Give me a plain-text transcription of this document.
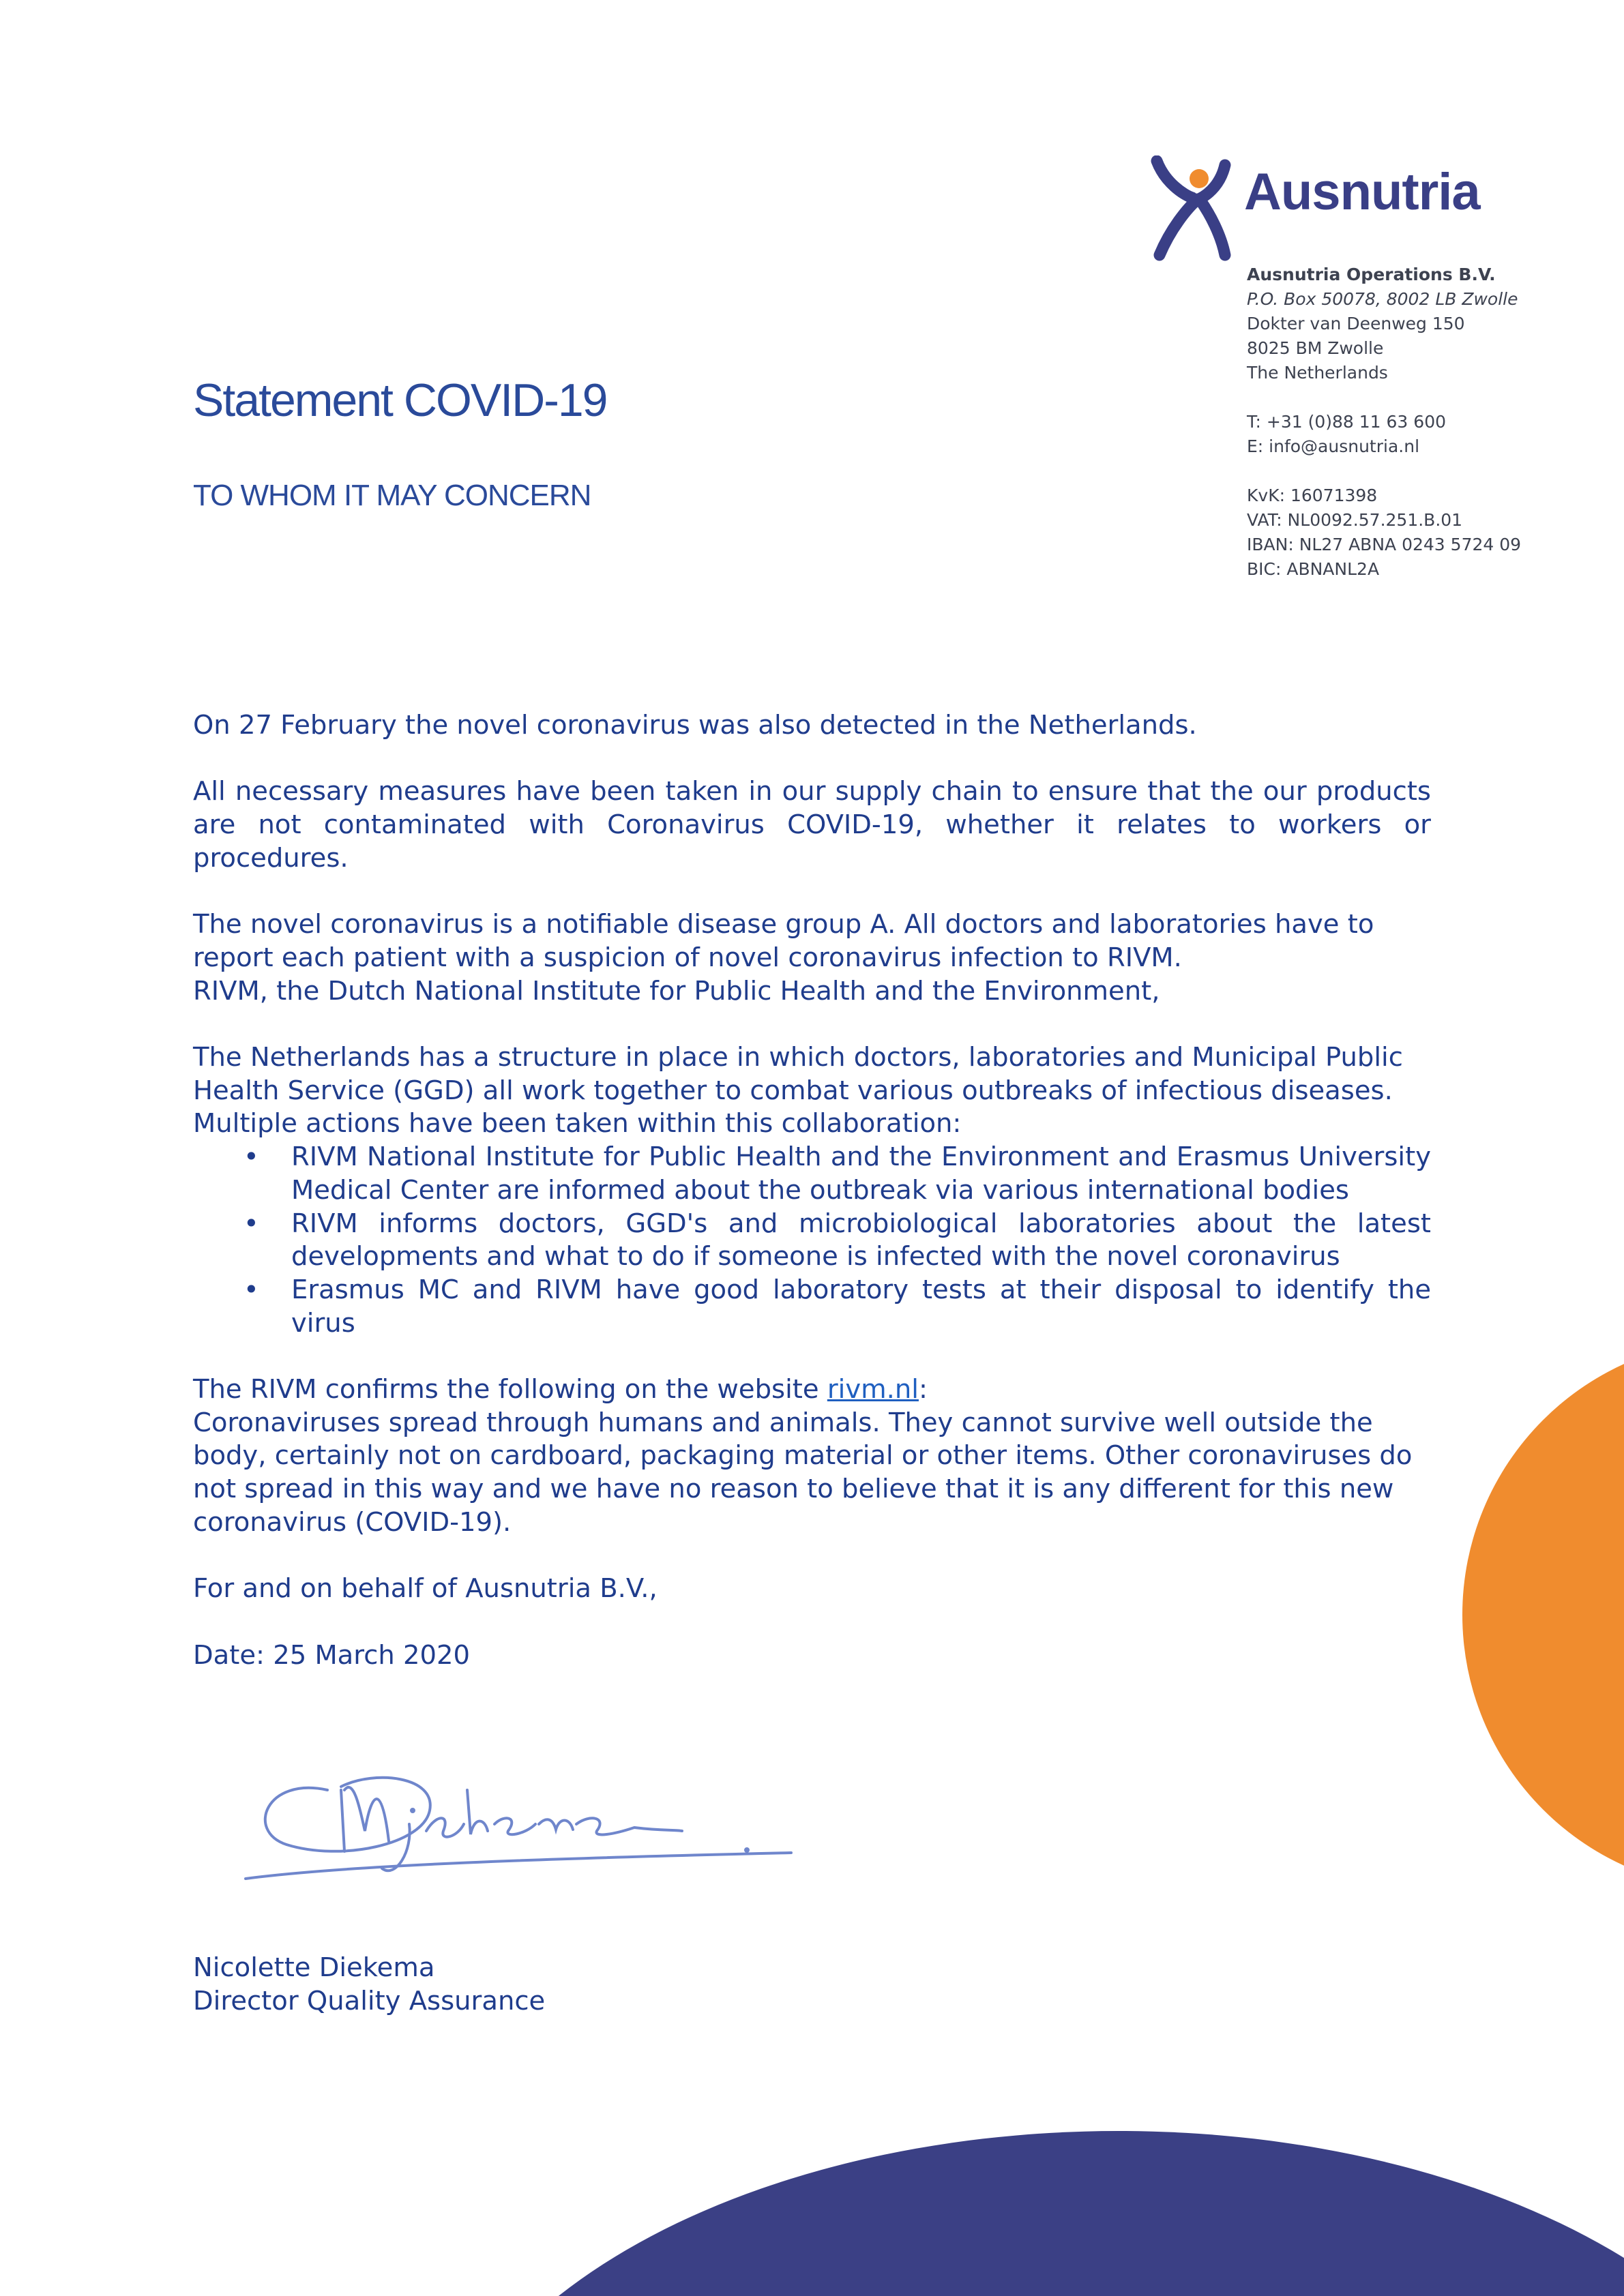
Ausnutria
Ausnutria Operations B.V.
P.O. Box 50078, 8002 LB Zwolle
Dokter van Deenweg 150
8025 BM Zwolle
The Netherlands
T: +31 (0)88 11 63 600
E: info@ausnutria.nl
KvK: 16071398
VAT: NL0092.57.251.B.01
IBAN: NL27 ABNA 0243 5724 09
BIC: ABNANL2A
Statement COVID-19
TO WHOM IT MAY CONCERN

On 27 February the novel coronavirus was also detected in the Netherlands.

All necessary measures have been taken in our supply chain to ensure that the our products are not contaminated with Coronavirus COVID-19, whether it relates to workers or procedures.

The novel coronavirus is a notifiable disease group A. All doctors and laboratories have to report each patient with a suspicion of novel coronavirus infection to RIVM.

RIVM, the Dutch National Institute for Public Health and the Environment,

The Netherlands has a structure in place in which doctors, laboratories and Municipal Public Health Service (GGD) all work together to combat various outbreaks of infectious diseases. Multiple actions have been taken within this collaboration:

• RIVM National Institute for Public Health and the Environment and Erasmus University Medical Center are informed about the outbreak via various international bodies
• RIVM informs doctors, GGD's and microbiological laboratories about the latest developments and what to do if someone is infected with the novel coronavirus
• Erasmus MC and RIVM have good laboratory tests at their disposal to identify the virus

The RIVM confirms the following on the website rivm.nl:

Coronaviruses spread through humans and animals. They cannot survive well outside the body, certainly not on cardboard, packaging material or other items. Other coronaviruses do not spread in this way and we have no reason to believe that it is any different for this new coronavirus (COVID-19).

For and on behalf of Ausnutria B.V.,

Date: 25 March 2020

Nicolette Diekema
Director Quality Assurance
